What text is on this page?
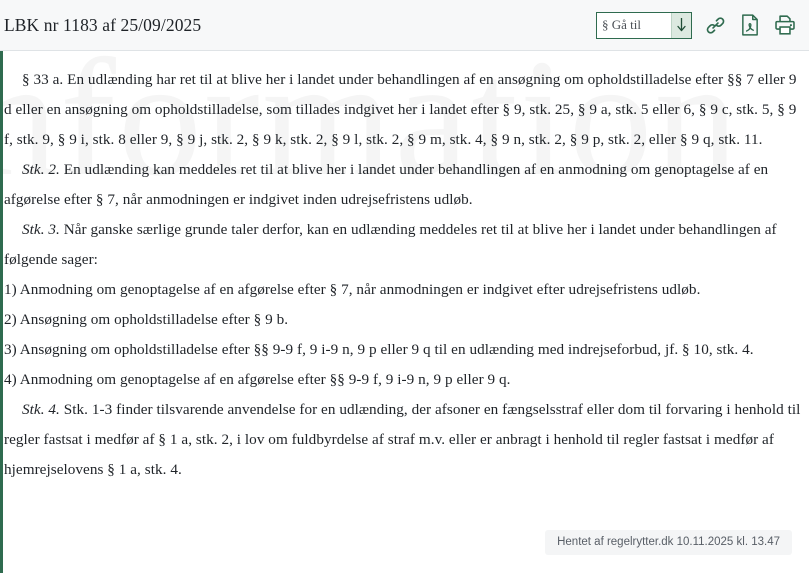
LBK nr 1183 af 25/09/2025
§ Gå til

§ 33 a. En udlænding har ret til at blive her i landet under behandlingen af en ansøgning om opholdstilladelse efter §§ 7 eller 9 d eller en ansøgning om opholdstilladelse, som tillades indgivet her i landet efter § 9, stk. 25, § 9 a, stk. 5 eller 6, § 9 c, stk. 5, § 9 f, stk. 9, § 9 i, stk. 8 eller 9, § 9 j, stk. 2, § 9 k, stk. 2, § 9 l, stk. 2, § 9 m, stk. 4, § 9 n, stk. 2, § 9 p, stk. 2, eller § 9 q, stk. 11.

Stk. 2. En udlænding kan meddeles ret til at blive her i landet under behandlingen af en anmodning om genoptagelse af en afgørelse efter § 7, når anmodningen er indgivet inden udrejsefristens udløb.

Stk. 3. Når ganske særlige grunde taler derfor, kan en udlænding meddeles ret til at blive her i landet under behandlingen af følgende sager:

1) Anmodning om genoptagelse af en afgørelse efter § 7, når anmodningen er indgivet efter udrejsefristens udløb.

2) Ansøgning om opholdstilladelse efter § 9 b.

3) Ansøgning om opholdstilladelse efter §§ 9-9 f, 9 i-9 n, 9 p eller 9 q til en udlænding med indrejseforbud, jf. § 10, stk. 4.

4) Anmodning om genoptagelse af en afgørelse efter §§ 9-9 f, 9 i-9 n, 9 p eller 9 q.

Stk. 4. Stk. 1-3 finder tilsvarende anvendelse for en udlænding, der afsoner en fængselsstraf eller dom til forvaring i henhold til regler fastsat i medfør af § 1 a, stk. 2, i lov om fuldbyrdelse af straf m.v. eller er anbragt i henhold til regler fastsat i medfør af hjemrejselovens § 1 a, stk. 4.

Hentet af regelrytter.dk 10.11.2025 kl. 13.47
